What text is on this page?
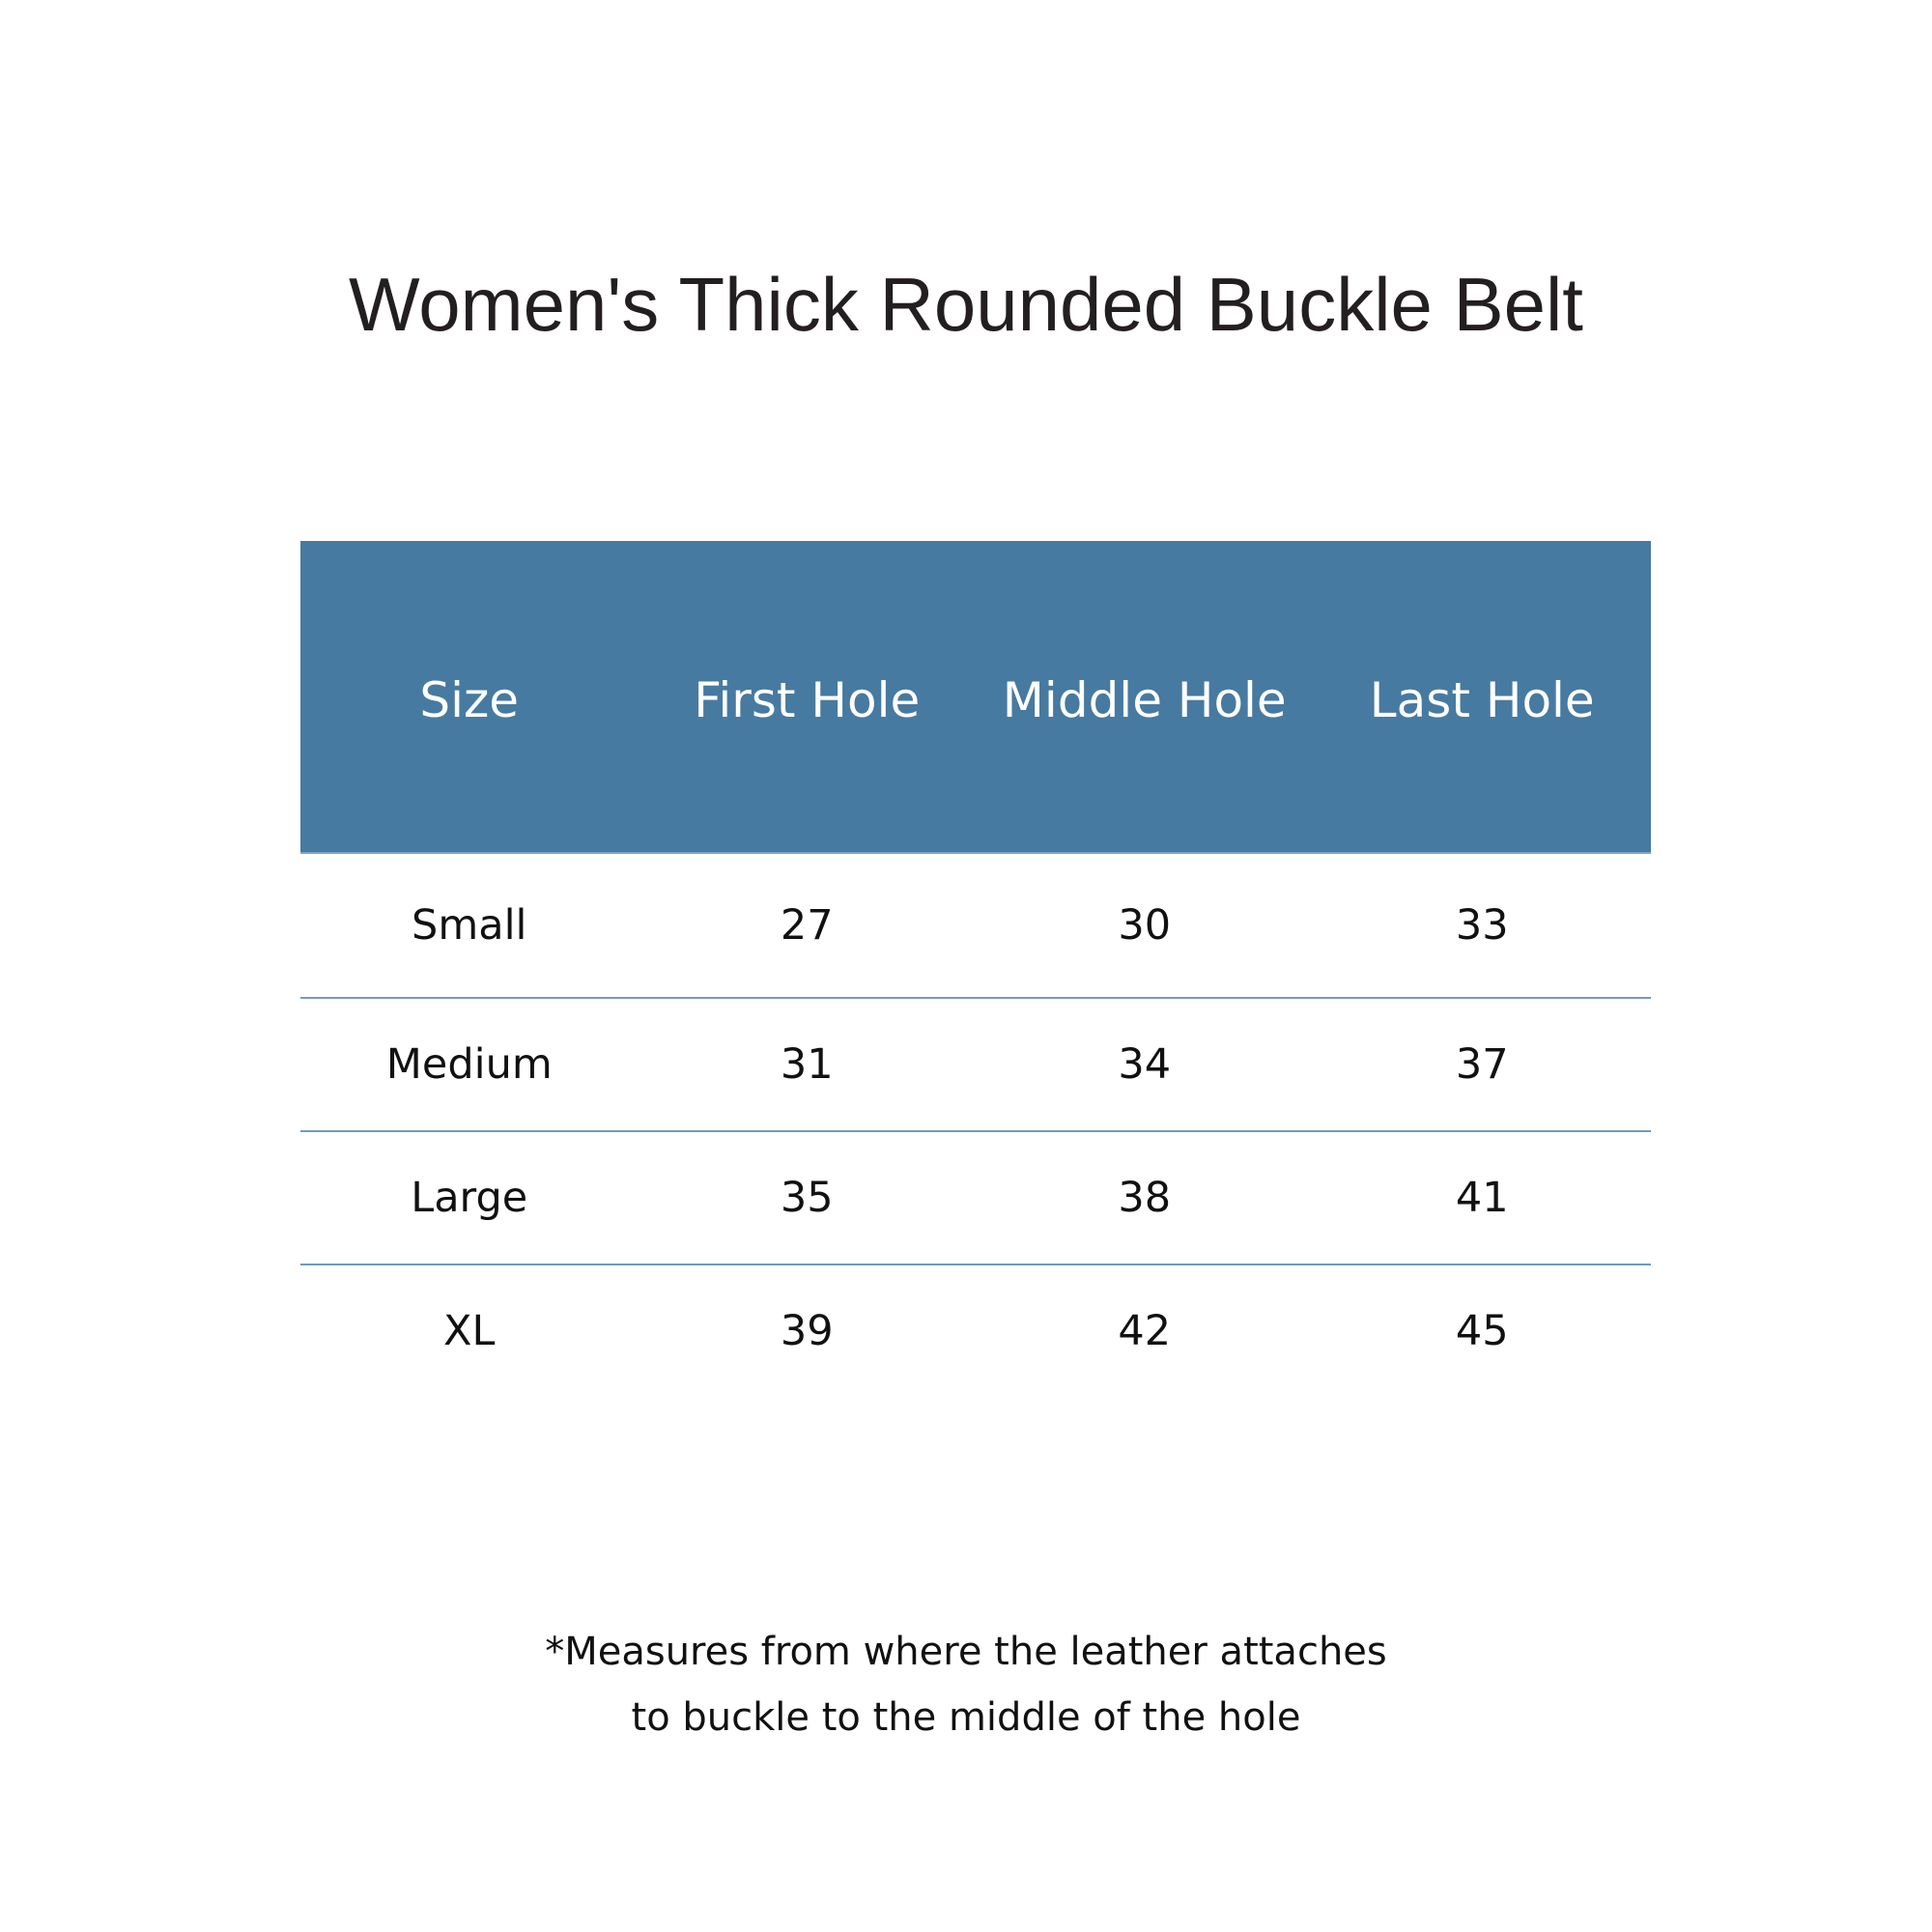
Women's Thick Rounded Buckle Belt
Size	First Hole	Middle Hole	Last Hole
Small	27	30	33
Medium	31	34	37
Large	35	38	41
XL	39	42	45
*Measures from where the leather attaches
to buckle to the middle of the hole
